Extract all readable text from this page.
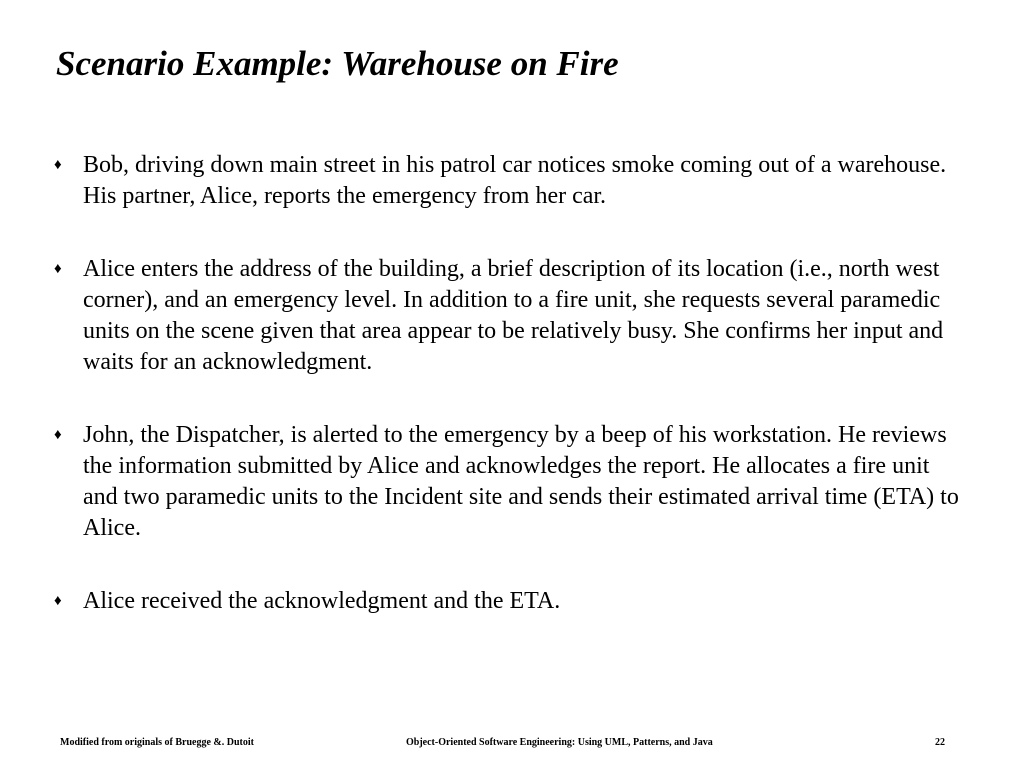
Scenario Example: Warehouse on Fire
♦ Bob, driving down main street in his patrol car notices smoke coming out of a warehouse. His partner, Alice, reports the emergency from her car.
♦ Alice enters the address of the building, a brief description of its location (i.e., north west corner), and an emergency level. In addition to a fire unit, she requests several paramedic units on the scene given that area appear to be relatively busy. She confirms her input and waits for an acknowledgment.
♦ John, the Dispatcher, is alerted to the emergency by a beep of his workstation. He reviews the information submitted by Alice and acknowledges the report. He allocates a fire unit and two paramedic units to the Incident site and sends their estimated arrival time (ETA) to Alice.
♦ Alice received the acknowledgment and the ETA.
Modified from originals of Bruegge &. Dutoit	Object-Oriented Software Engineering: Using UML, Patterns, and Java	22
